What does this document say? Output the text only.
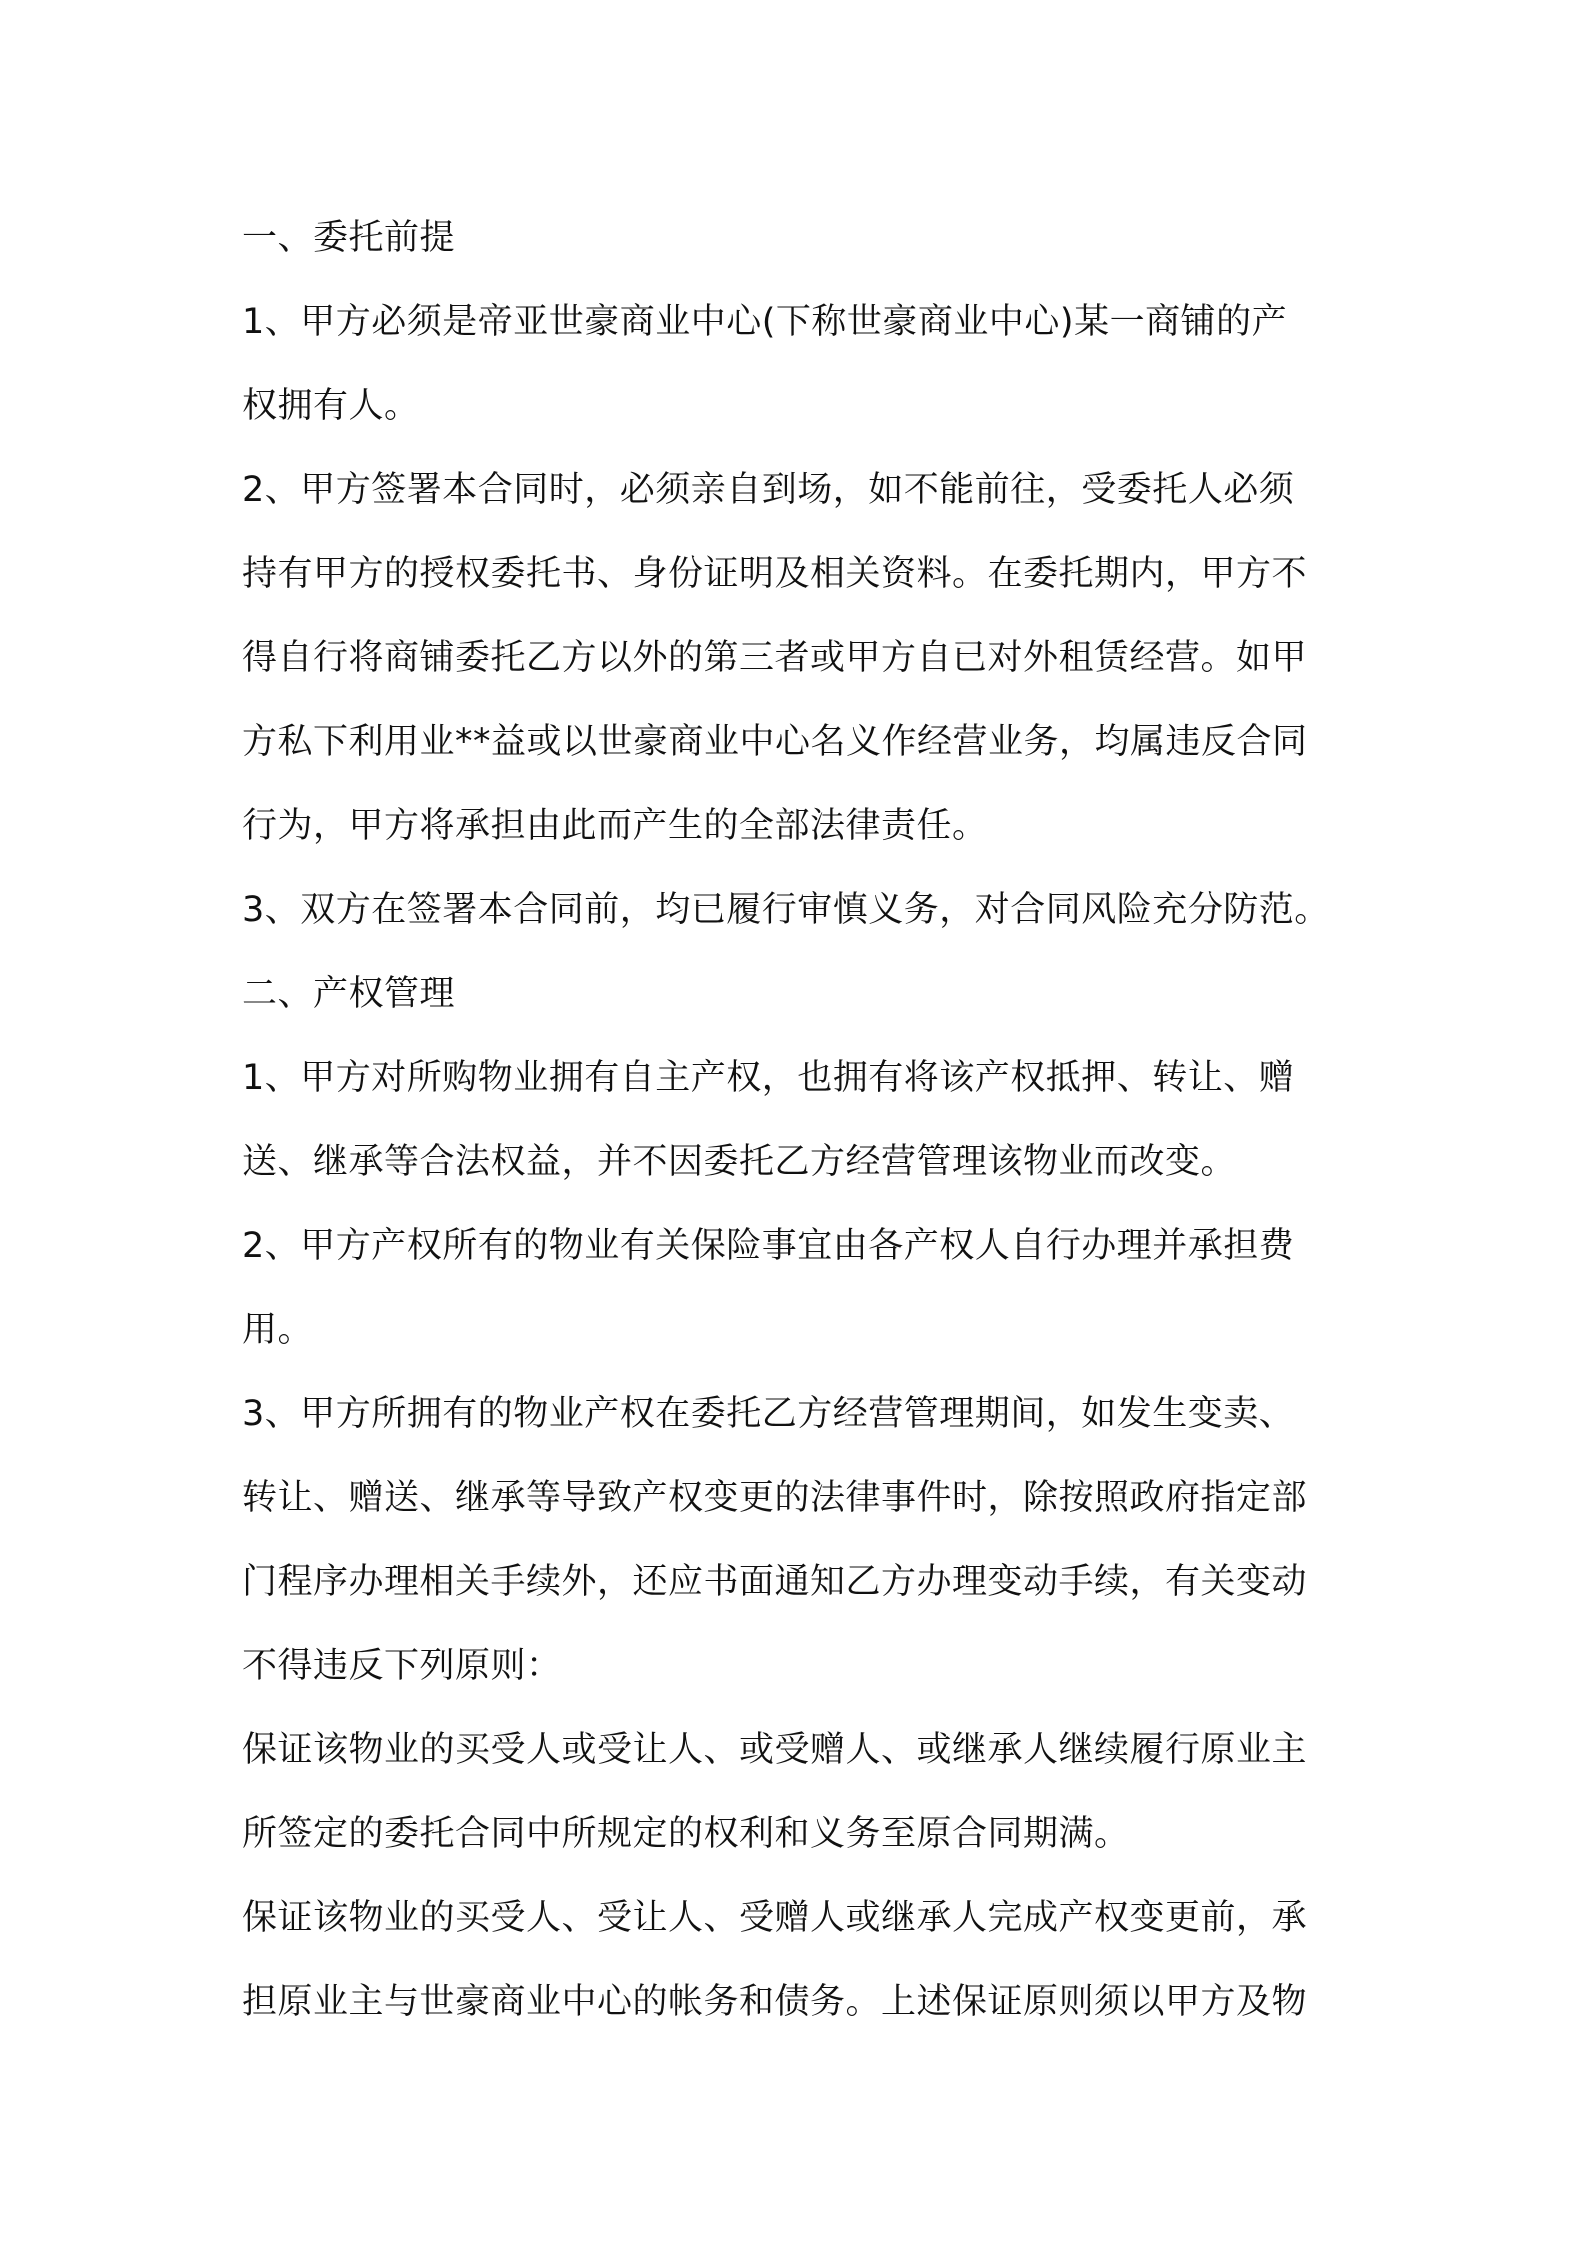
一、委托前提
1、甲方必须是帝亚世豪商业中心(下称世豪商业中心)某一商铺的产
权拥有人。
2、甲方签署本合同时，必须亲自到场，如不能前往，受委托人必须
持有甲方的授权委托书、身份证明及相关资料。在委托期内，甲方不
得自行将商铺委托乙方以外的第三者或甲方自已对外租赁经营。如甲
方私下利用业**益或以世豪商业中心名义作经营业务，均属违反合同
行为，甲方将承担由此而产生的全部法律责任。
3、双方在签署本合同前，均已履行审慎义务，对合同风险充分防范。
二、产权管理
1、甲方对所购物业拥有自主产权，也拥有将该产权抵押、转让、赠
送、继承等合法权益，并不因委托乙方经营管理该物业而改变。
2、甲方产权所有的物业有关保险事宜由各产权人自行办理并承担费
用。
3、甲方所拥有的物业产权在委托乙方经营管理期间，如发生变卖、
转让、赠送、继承等导致产权变更的法律事件时，除按照政府指定部
门程序办理相关手续外，还应书面通知乙方办理变动手续，有关变动
不得违反下列原则：
保证该物业的买受人或受让人、或受赠人、或继承人继续履行原业主
所签定的委托合同中所规定的权利和义务至原合同期满。
保证该物业的买受人、受让人、受赠人或继承人完成产权变更前，承
担原业主与世豪商业中心的帐务和债务。上述保证原则须以甲方及物
